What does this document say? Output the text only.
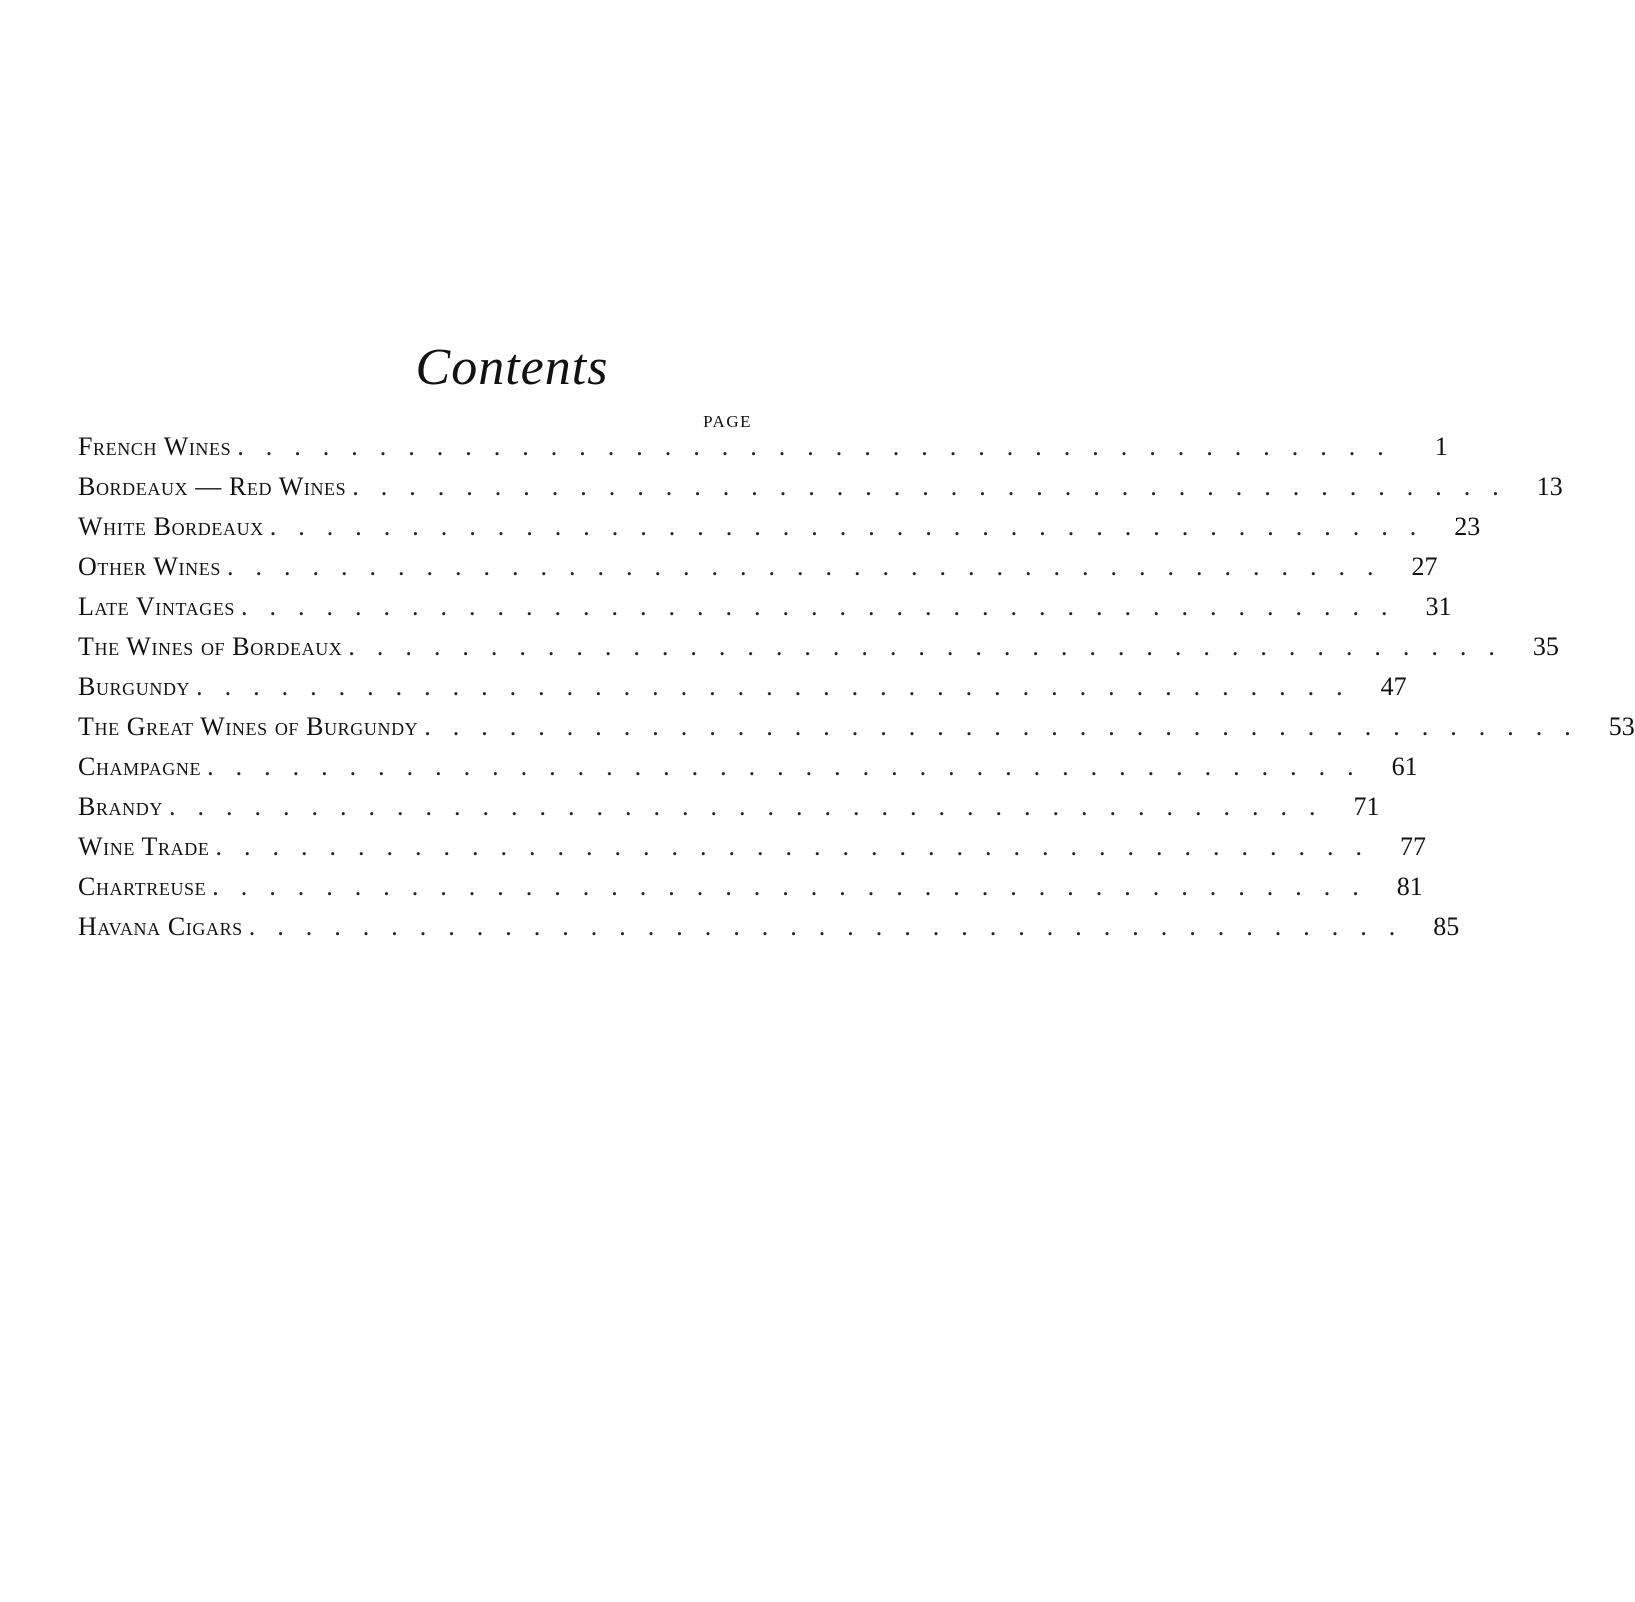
Contents
PAGE
French Wines .........................................	1
Bordeaux — Red Wines ......................................... 13
White Bordeaux ......................................... 23
Other Wines ......................................... 27
Late Vintages ......................................... 31
The Wines of Bordeaux ......................................... 35
Burgundy ......................................... 47
The Great Wines of Burgundy ......................................... 53
Champagne ......................................... 61
Brandy ......................................... 71
Wine Trade ......................................... 77
Chartreuse ......................................... 81
Havana Cigars ......................................... 85
